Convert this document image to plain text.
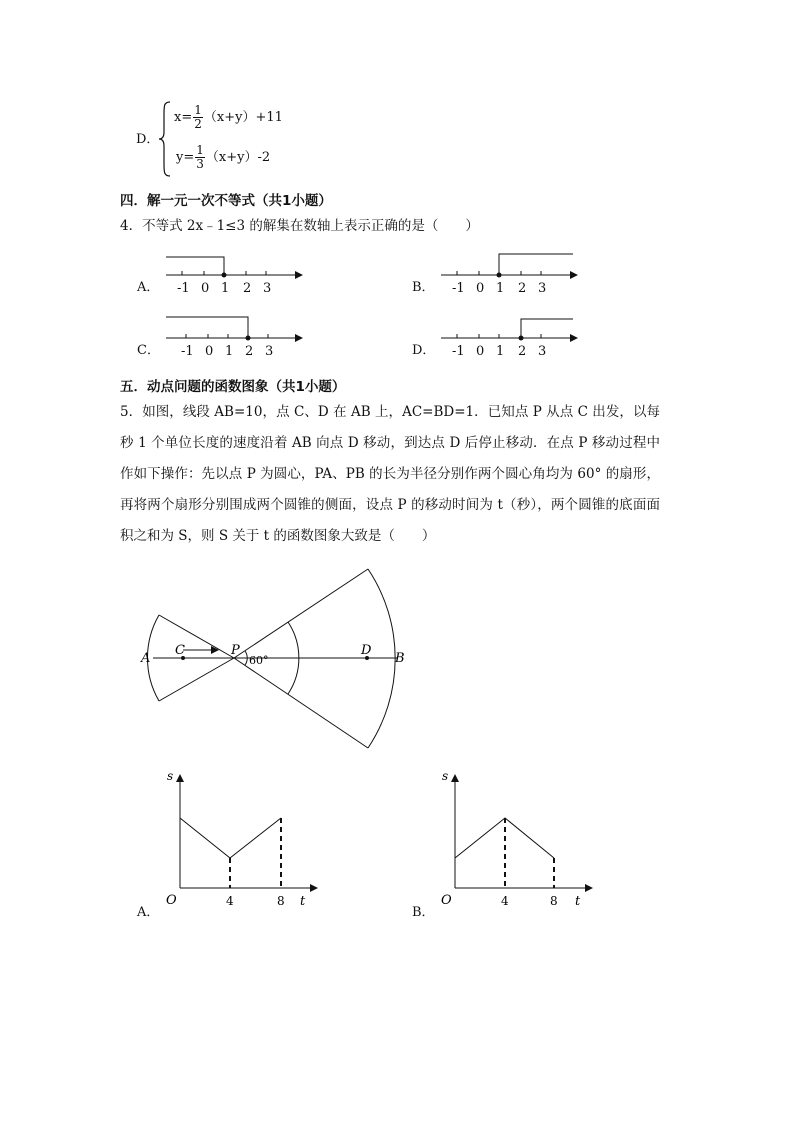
D．
$x= \frac{1}{2} (x+y)+11$
$y= \frac{1}{3} (x+y)-2$
四．解一元一次不等式（共1小题）
4．不等式 2x﹣1≤3 的解集在数轴上表示正确的是（　　）
A． -1 0 1 2 3	B． -1 0 1 2 3
C． -1 0 1 2 3	D． -1 0 1 2 3
五．动点问题的函数图象（共1小题）
5．如图，线段 AB=10，点 C、D 在 AB 上，AC=BD=1．已知点 P 从点 C 出发，以每秒 1 个单位长度的速度沿着 AB 向点 D 移动，到达点 D 后停止移动．在点 P 移动过程中作如下操作：先以点 P 为圆心，PA、PB 的长为半径分别作两个圆心角均为 60° 的扇形，再将两个扇形分别围成两个圆锥的侧面，设点 P 的移动时间为 t（秒），两个圆锥的底面面积之和为 S，则 S 关于 t 的函数图象大致是（　　）
A
C	P
60°
D
B
A．
s
O	4	8 t
B．
s
O	4	8 t
